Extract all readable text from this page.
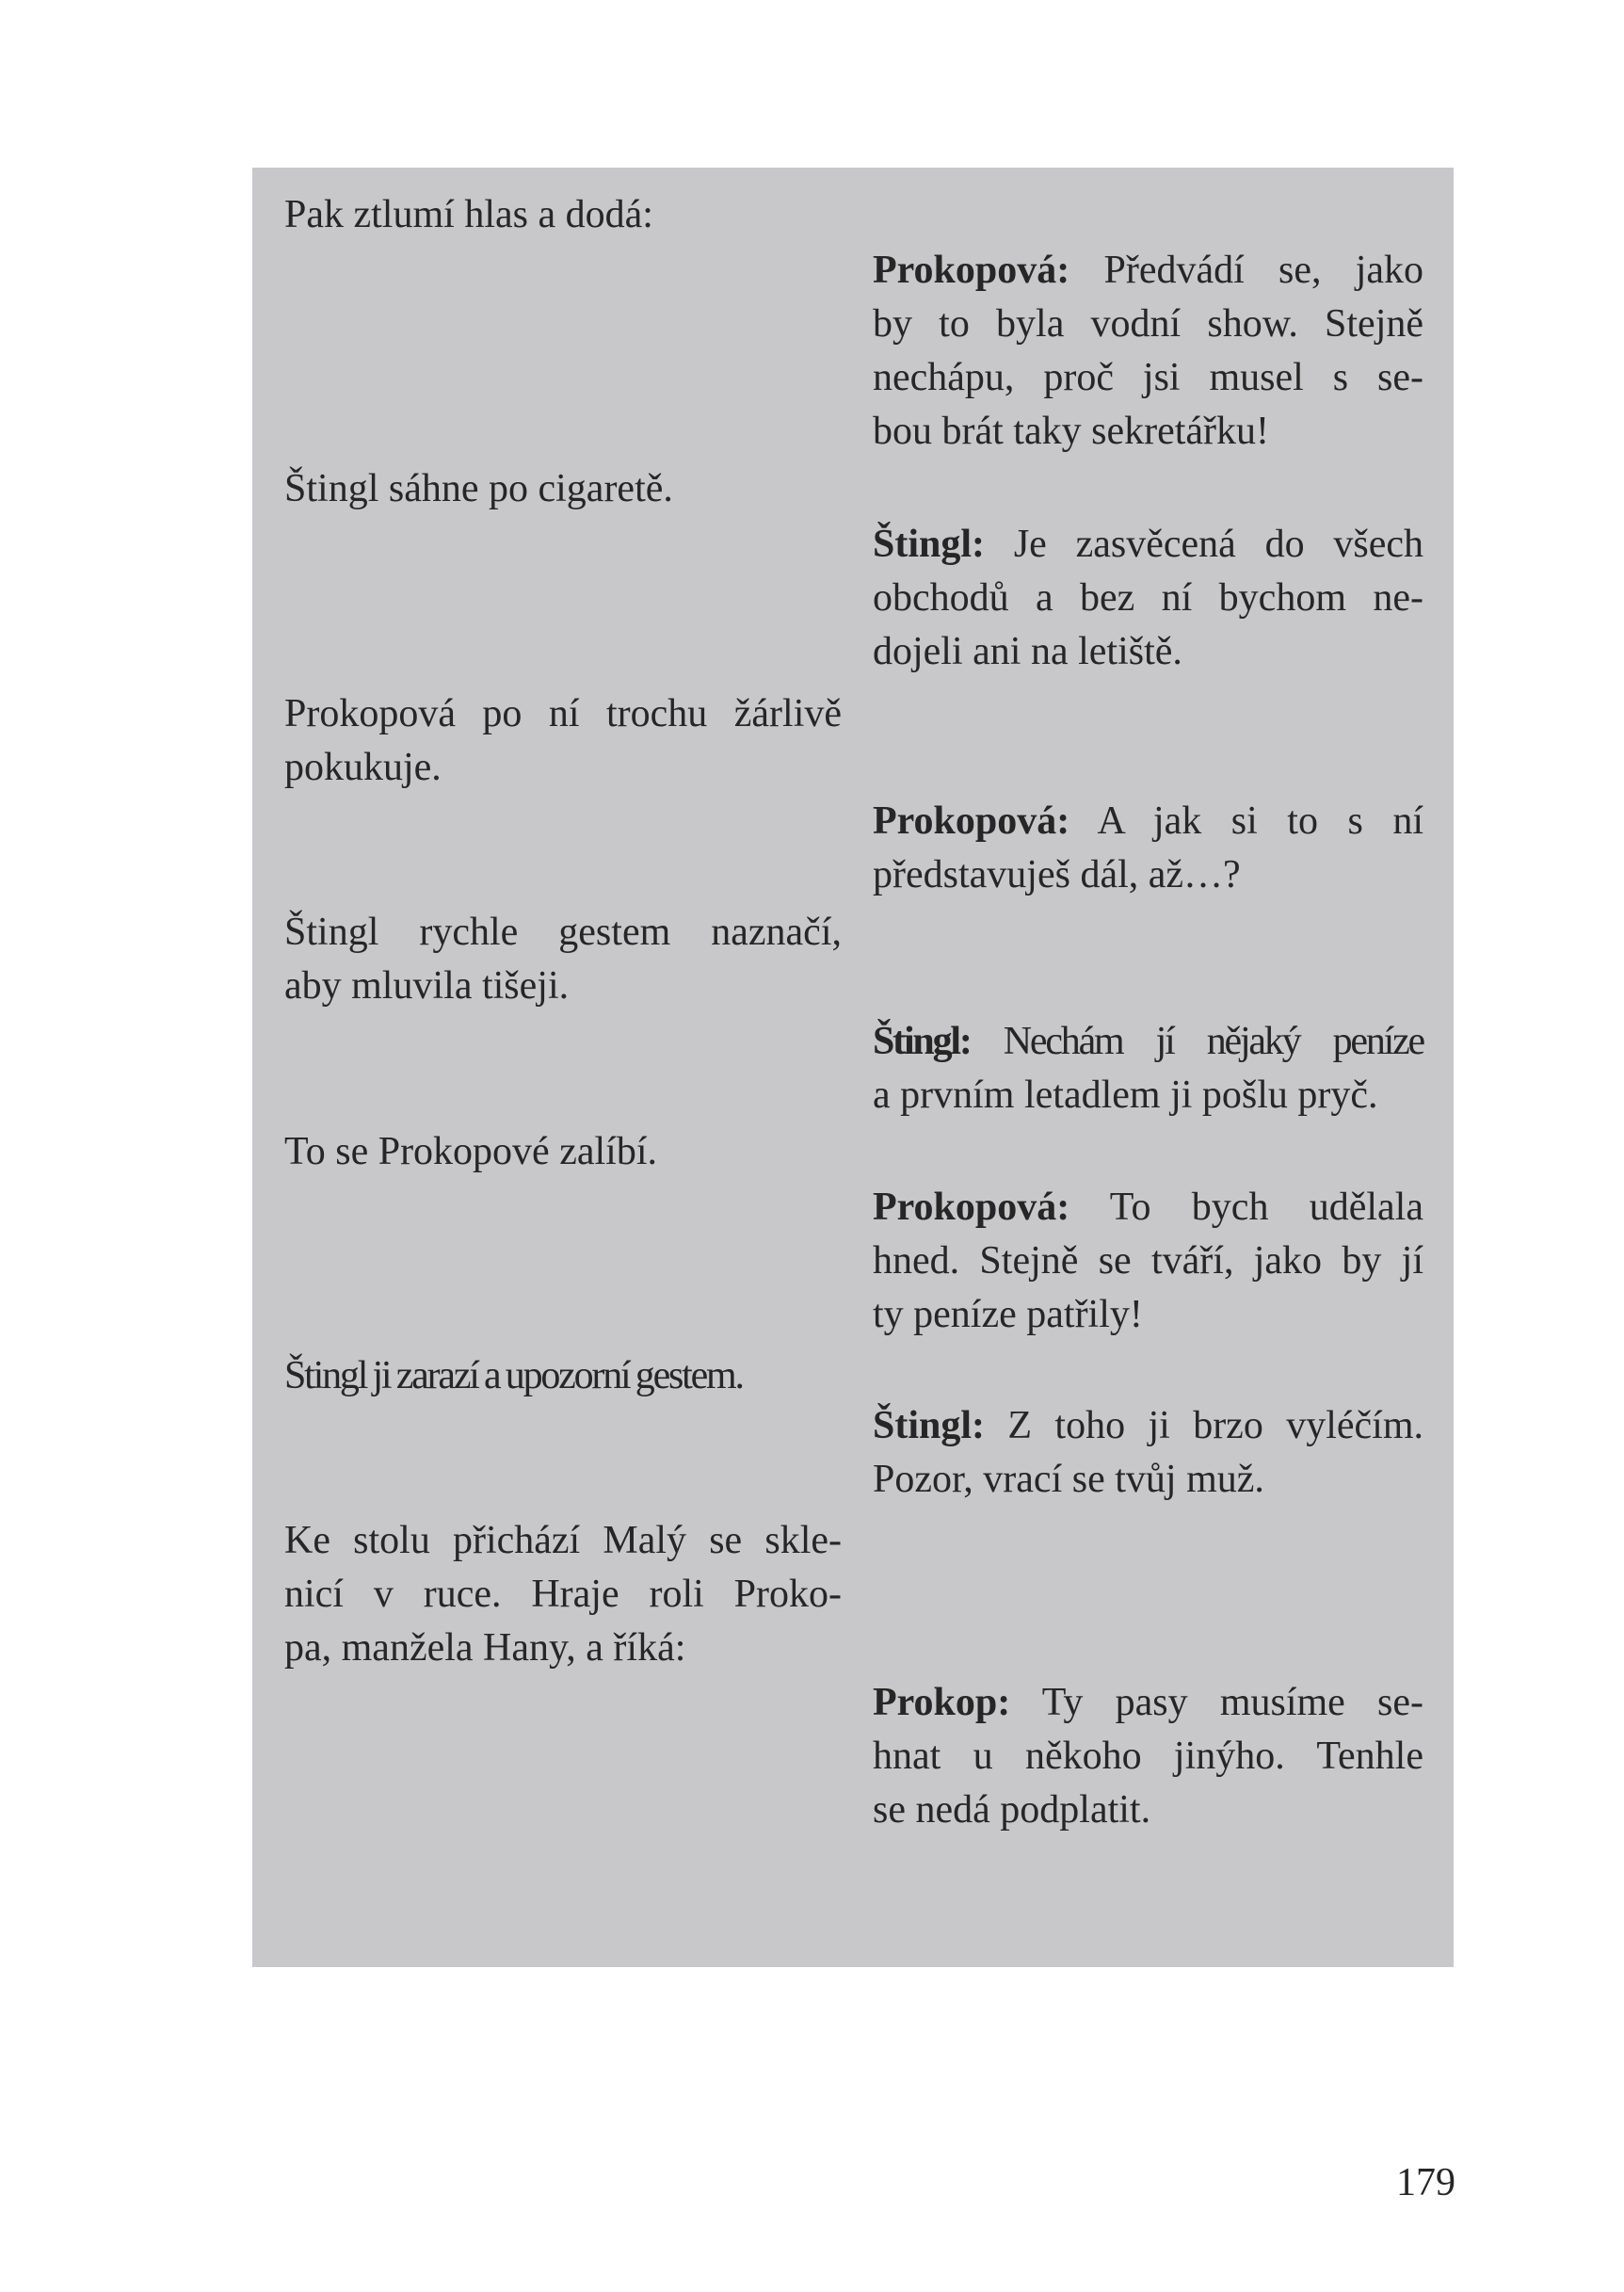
Pak ztlumí hlas a dodá:

Štingl sáhne po cigaretě.

Prokopová po ní trochu žárlivě
pokukuje.

Štingl rychle gestem naznačí,
aby mluvila tišeji.

To se Prokopové zalíbí.

Štingl ji zarazí a upozorní gestem.

Ke stolu přichází Malý se skle-
nicí v ruce. Hraje roli Proko-
pa, manžela Hany, a říká:

Prokopová: Předvádí se, jako
by to byla vodní show. Stejně
nechápu, proč jsi musel s se-
bou brát taky sekretářku!

Štingl: Je zasvěcená do všech
obchodů a bez ní bychom ne-
dojeli ani na letiště.

Prokopová: A jak si to s ní
představuješ dál, až…?

Štingl: Nechám jí nějaký peníze
a prvním letadlem ji pošlu pryč.

Prokopová: To bych udělala
hned. Stejně se tváří, jako by jí
ty peníze patřily!

Štingl: Z toho ji brzo vyléčím.
Pozor, vrací se tvůj muž.

Prokop: Ty pasy musíme se-
hnat u někoho jinýho. Tenhle
se nedá podplatit.

179
